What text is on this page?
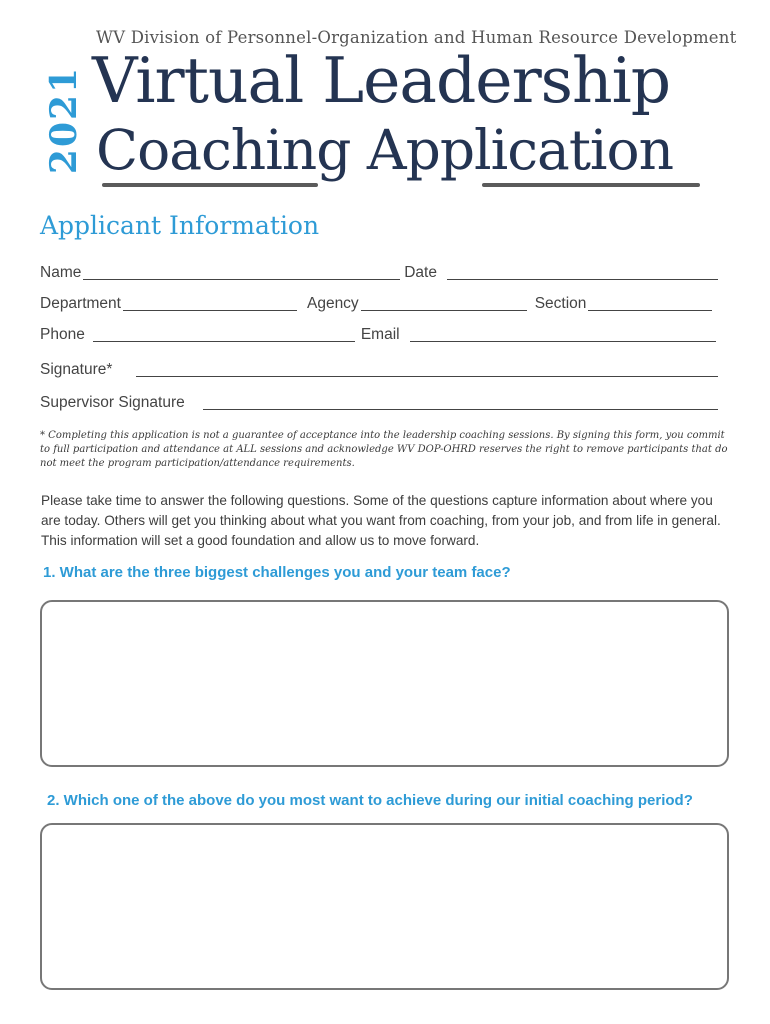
WV Division of Personnel-Organization and Human Resource Development
2021 Virtual Leadership
Coaching Application
Applicant Information
Name	Date
Department	Agency	Section
Phone	Email
Signature*
Supervisor Signature
* Completing this application is not a guarantee of acceptance into the leadership coaching sessions. By signing this form, you commit to full participation and attendance at ALL sessions and acknowledge WV DOP-OHRD reserves the right to remove participants that do not meet the program participation/attendance requirements.
Please take time to answer the following questions. Some of the questions capture information about where you are today. Others will get you thinking about what you want from coaching, from your job, and from life in general. This information will set a good foundation and allow us to move forward.
1. What are the three biggest challenges you and your team face?
2. Which one of the above do you most want to achieve during our initial coaching period?
